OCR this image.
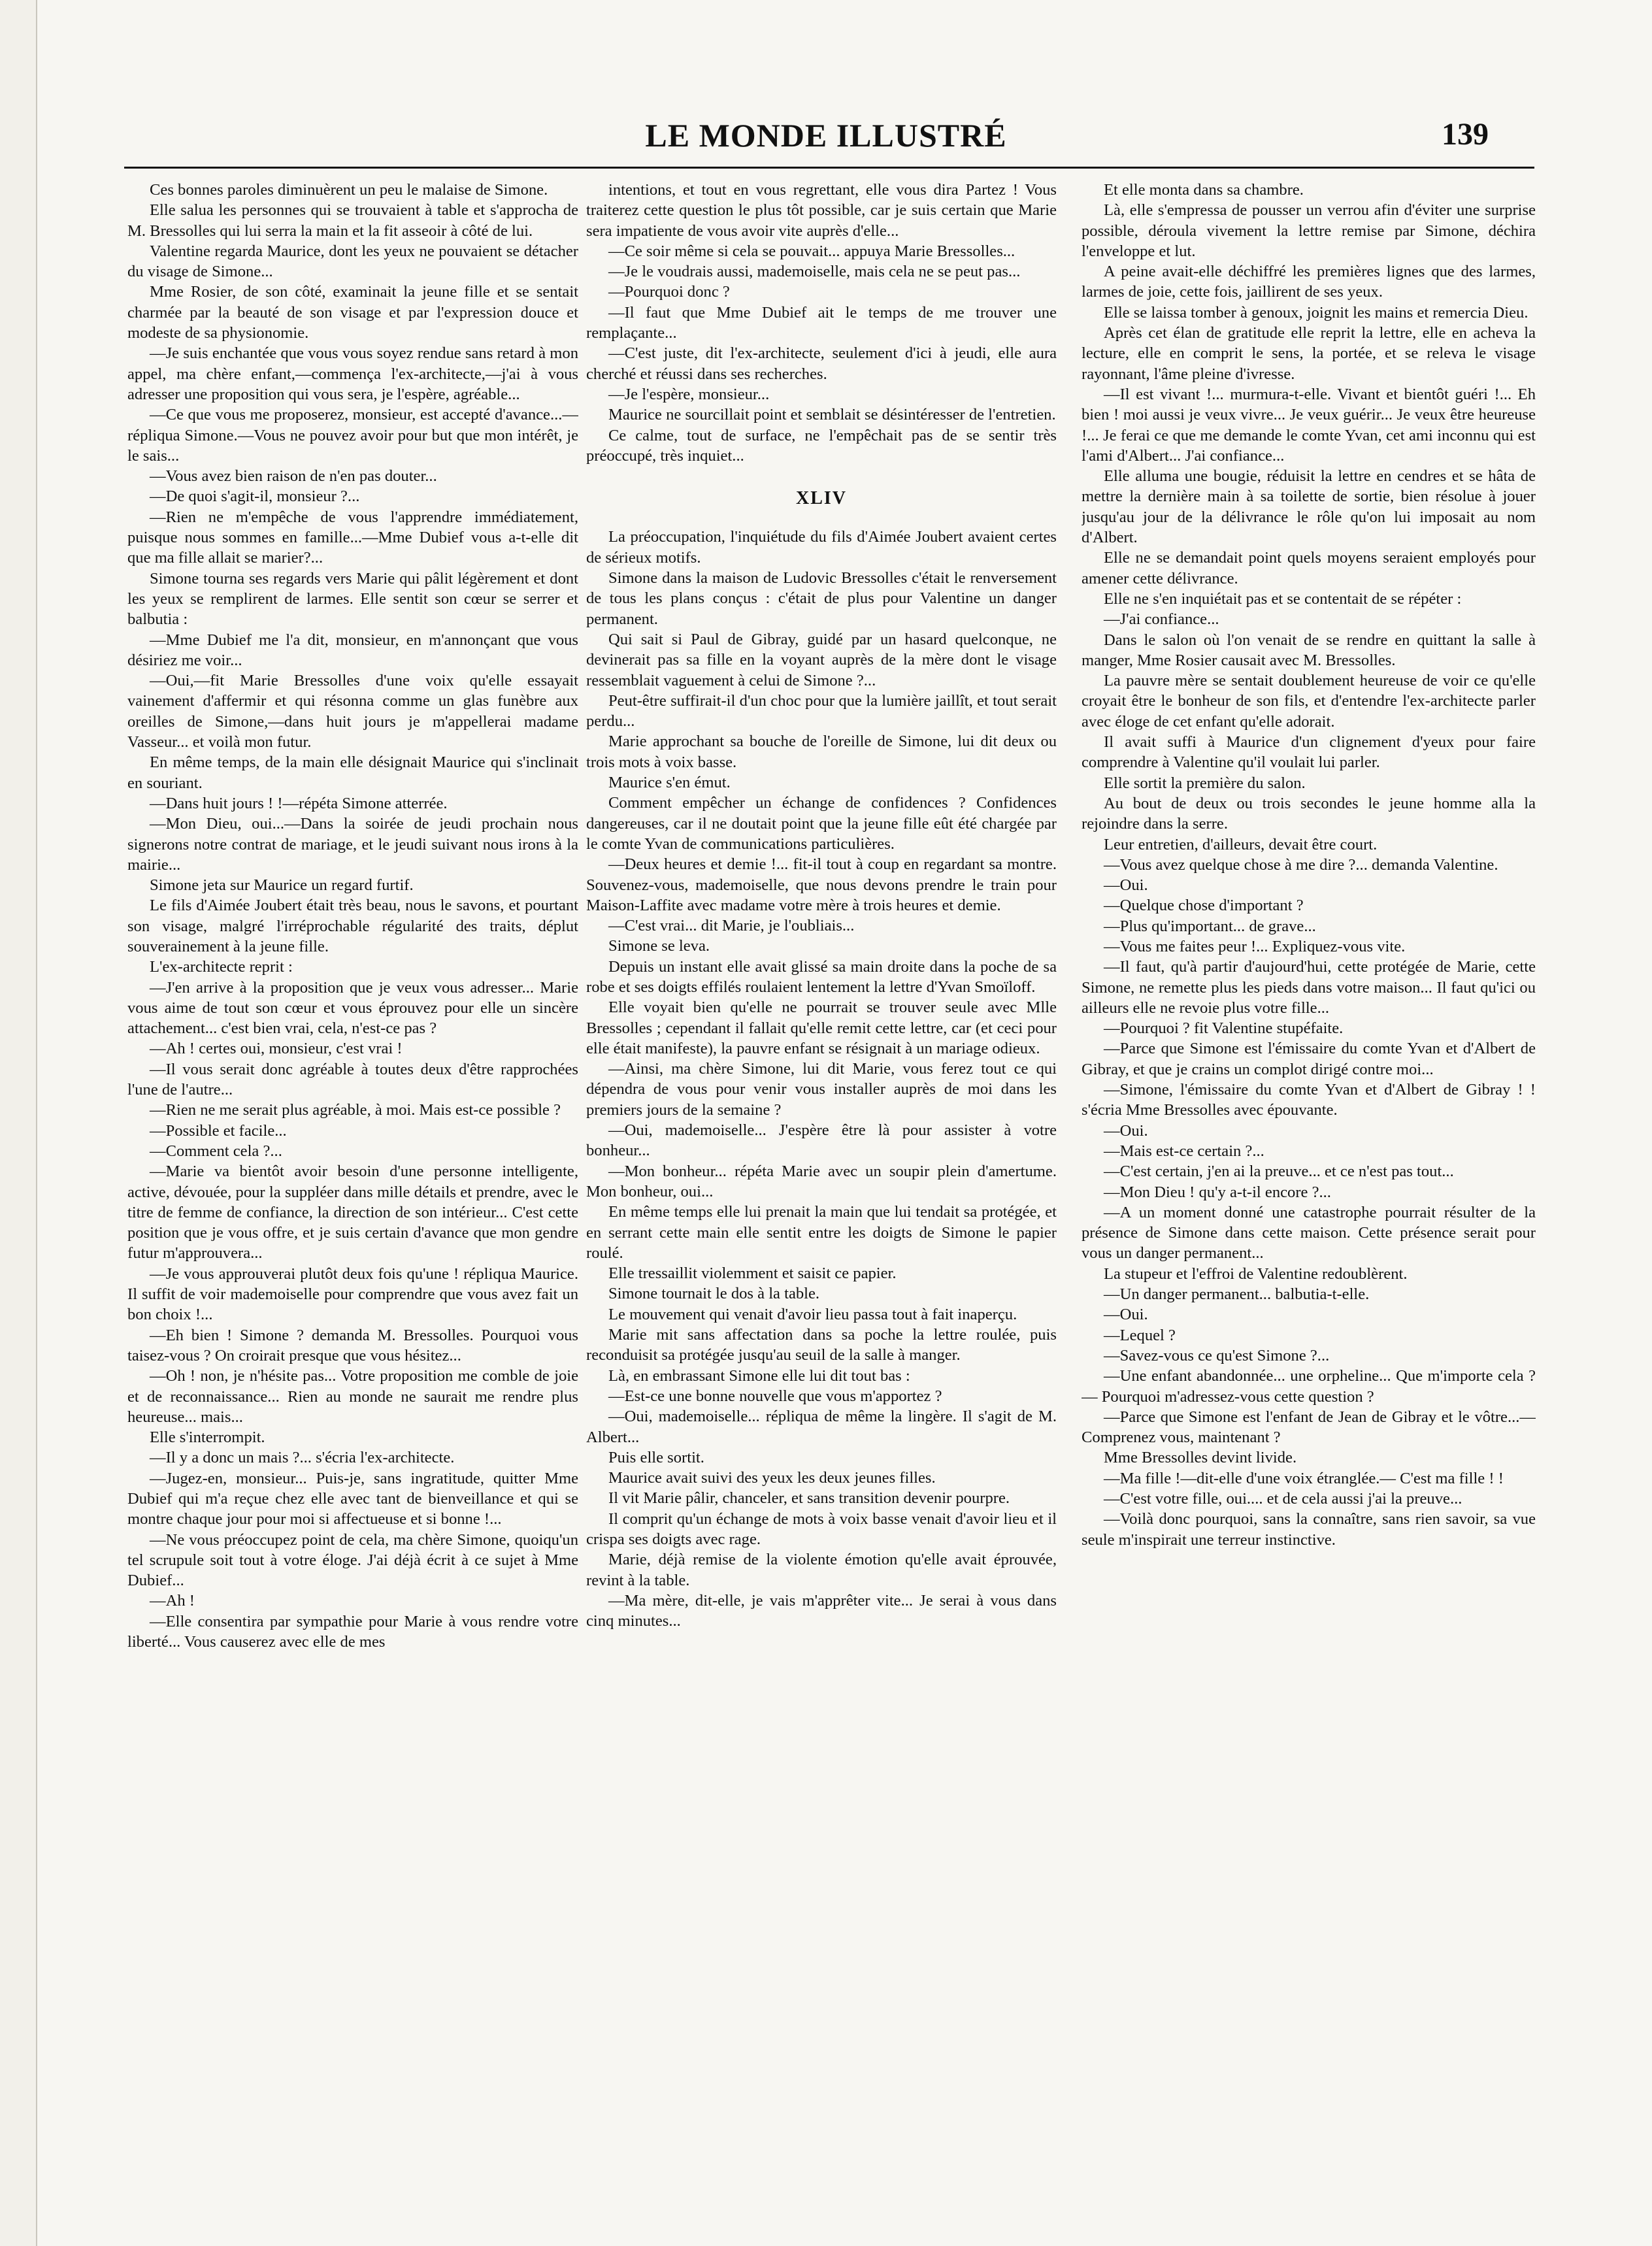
LE MONDE ILLUSTRÉ	139

Ces bonnes paroles diminuèrent un peu le malaise de Simone.

Elle salua les personnes qui se trouvaient à table et s'approcha de M. Bressolles qui lui serra la main et la fit asseoir à côté de lui.

Valentine regarda Maurice, dont les yeux ne pouvaient se détacher du visage de Simone...

Mme Rosier, de son côté, examinait la jeune fille et se sentait charmée par la beauté de son visage et par l'expression douce et modeste de sa physionomie.

—Je suis enchantée que vous vous soyez rendue sans retard à mon appel, ma chère enfant,—commença l'ex-architecte,—j'ai à vous adresser une proposition qui vous sera, je l'espère, agréable...

—Ce que vous me proposerez, monsieur, est accepté d'avance...—répliqua Simone.—Vous ne pouvez avoir pour but que mon intérêt, je le sais...

—Vous avez bien raison de n'en pas douter...

—De quoi s'agit-il, monsieur ?...

—Rien ne m'empêche de vous l'apprendre immédiatement, puisque nous sommes en famille...—Mme Dubief vous a-t-elle dit que ma fille allait se marier?...

Simone tourna ses regards vers Marie qui pâlit légèrement et dont les yeux se remplirent de larmes. Elle sentit son cœur se serrer et balbutia :

—Mme Dubief me l'a dit, monsieur, en m'annonçant que vous désiriez me voir...

—Oui,—fit Marie Bressolles d'une voix qu'elle essayait vainement d'affermir et qui résonna comme un glas funèbre aux oreilles de Simone,—dans huit jours je m'appellerai madame Vasseur... et voilà mon futur.

En même temps, de la main elle désignait Maurice qui s'inclinait en souriant.

—Dans huit jours ! !—répéta Simone atterrée.

—Mon Dieu, oui...—Dans la soirée de jeudi prochain nous signerons notre contrat de mariage, et le jeudi suivant nous irons à la mairie...

Simone jeta sur Maurice un regard furtif.

Le fils d'Aimée Joubert était très beau, nous le savons, et pourtant son visage, malgré l'irréprochable régularité des traits, déplut souverainement à la jeune fille.

L'ex-architecte reprit :

—J'en arrive à la proposition que je veux vous adresser... Marie vous aime de tout son cœur et vous éprouvez pour elle un sincère attachement... c'est bien vrai, cela, n'est-ce pas ?

—Ah ! certes oui, monsieur, c'est vrai !

—Il vous serait donc agréable à toutes deux d'être rapprochées l'une de l'autre...

—Rien ne me serait plus agréable, à moi. Mais est-ce possible ?

—Possible et facile...

—Comment cela ?...

—Marie va bientôt avoir besoin d'une personne intelligente, active, dévouée, pour la suppléer dans mille détails et prendre, avec le titre de femme de confiance, la direction de son intérieur... C'est cette position que je vous offre, et je suis certain d'avance que mon gendre futur m'approuvera...

—Je vous approuverai plutôt deux fois qu'une ! répliqua Maurice. Il suffit de voir mademoiselle pour comprendre que vous avez fait un bon choix !...

—Eh bien ! Simone ? demanda M. Bressolles. Pourquoi vous taisez-vous ? On croirait presque que vous hésitez...

—Oh ! non, je n'hésite pas... Votre proposition me comble de joie et de reconnaissance... Rien au monde ne saurait me rendre plus heureuse... mais...

Elle s'interrompit.

—Il y a donc un mais ?... s'écria l'ex-architecte.

—Jugez-en, monsieur... Puis-je, sans ingratitude, quitter Mme Dubief qui m'a reçue chez elle avec tant de bienveillance et qui se montre chaque jour pour moi si affectueuse et si bonne !...

—Ne vous préoccupez point de cela, ma chère Simone, quoiqu'un tel scrupule soit tout à votre éloge. J'ai déjà écrit à ce sujet à Mme Dubief...

—Ah !

—Elle consentira par sympathie pour Marie à vous rendre votre liberté... Vous causerez avec elle de mes

intentions, et tout en vous regrettant, elle vous dira Partez ! Vous traiterez cette question le plus tôt possible, car je suis certain que Marie sera impatiente de vous avoir vite auprès d'elle...

—Ce soir même si cela se pouvait... appuya Marie Bressolles...

—Je le voudrais aussi, mademoiselle, mais cela ne se peut pas...

—Pourquoi donc ?

—Il faut que Mme Dubief ait le temps de me trouver une remplaçante...

—C'est juste, dit l'ex-architecte, seulement d'ici à jeudi, elle aura cherché et réussi dans ses recherches.

—Je l'espère, monsieur...

Maurice ne sourcillait point et semblait se désintéresser de l'entretien.

Ce calme, tout de surface, ne l'empêchait pas de se sentir très préoccupé, très inquiet...

XLIV

La préoccupation, l'inquiétude du fils d'Aimée Joubert avaient certes de sérieux motifs.

Simone dans la maison de Ludovic Bressolles c'était le renversement de tous les plans conçus : c'était de plus pour Valentine un danger permanent.

Qui sait si Paul de Gibray, guidé par un hasard quelconque, ne devinerait pas sa fille en la voyant auprès de la mère dont le visage ressemblait vaguement à celui de Simone ?...

Peut-être suffirait-il d'un choc pour que la lumière jaillît, et tout serait perdu...

Marie approchant sa bouche de l'oreille de Simone, lui dit deux ou trois mots à voix basse.

Maurice s'en émut.

Comment empêcher un échange de confidences ? Confidences dangereuses, car il ne doutait point que la jeune fille eût été chargée par le comte Yvan de communications particulières.

—Deux heures et demie !... fit-il tout à coup en regardant sa montre. Souvenez-vous, mademoiselle, que nous devons prendre le train pour Maison-Laffite avec madame votre mère à trois heures et demie.

—C'est vrai... dit Marie, je l'oubliais...

Simone se leva.

Depuis un instant elle avait glissé sa main droite dans la poche de sa robe et ses doigts effilés roulaient lentement la lettre d'Yvan Smoïloff.

Elle voyait bien qu'elle ne pourrait se trouver seule avec Mlle Bressolles ; cependant il fallait qu'elle remit cette lettre, car (et ceci pour elle était manifeste), la pauvre enfant se résignait à un mariage odieux.

—Ainsi, ma chère Simone, lui dit Marie, vous ferez tout ce qui dépendra de vous pour venir vous installer auprès de moi dans les premiers jours de la semaine ?

—Oui, mademoiselle... J'espère être là pour assister à votre bonheur...

—Mon bonheur... répéta Marie avec un soupir plein d'amertume. Mon bonheur, oui...

En même temps elle lui prenait la main que lui tendait sa protégée, et en serrant cette main elle sentit entre les doigts de Simone le papier roulé.

Elle tressaillit violemment et saisit ce papier.

Simone tournait le dos à la table.

Le mouvement qui venait d'avoir lieu passa tout à fait inaperçu.

Marie mit sans affectation dans sa poche la lettre roulée, puis reconduisit sa protégée jusqu'au seuil de la salle à manger.

Là, en embrassant Simone elle lui dit tout bas :

—Est-ce une bonne nouvelle que vous m'apportez ?

—Oui, mademoiselle... répliqua de même la lingère. Il s'agit de M. Albert...

Puis elle sortit.

Maurice avait suivi des yeux les deux jeunes filles.

Il vit Marie pâlir, chanceler, et sans transition devenir pourpre.

Il comprit qu'un échange de mots à voix basse venait d'avoir lieu et il crispa ses doigts avec rage.

Marie, déjà remise de la violente émotion qu'elle avait éprouvée, revint à la table.

—Ma mère, dit-elle, je vais m'apprêter vite... Je serai à vous dans cinq minutes...

Et elle monta dans sa chambre.

Là, elle s'empressa de pousser un verrou afin d'éviter une surprise possible, déroula vivement la lettre remise par Simone, déchira l'enveloppe et lut.

A peine avait-elle déchiffré les premières lignes que des larmes, larmes de joie, cette fois, jaillirent de ses yeux.

Elle se laissa tomber à genoux, joignit les mains et remercia Dieu.

Après cet élan de gratitude elle reprit la lettre, elle en acheva la lecture, elle en comprit le sens, la portée, et se releva le visage rayonnant, l'âme pleine d'ivresse.

—Il est vivant !... murmura-t-elle. Vivant et bientôt guéri !... Eh bien ! moi aussi je veux vivre... Je veux guérir... Je veux être heureuse !... Je ferai ce que me demande le comte Yvan, cet ami inconnu qui est l'ami d'Albert... J'ai confiance...

Elle alluma une bougie, réduisit la lettre en cendres et se hâta de mettre la dernière main à sa toilette de sortie, bien résolue à jouer jusqu'au jour de la délivrance le rôle qu'on lui imposait au nom d'Albert.

Elle ne se demandait point quels moyens seraient employés pour amener cette délivrance.

Elle ne s'en inquiétait pas et se contentait de se répéter :

—J'ai confiance...

Dans le salon où l'on venait de se rendre en quittant la salle à manger, Mme Rosier causait avec M. Bressolles.

La pauvre mère se sentait doublement heureuse de voir ce qu'elle croyait être le bonheur de son fils, et d'entendre l'ex-architecte parler avec éloge de cet enfant qu'elle adorait.

Il avait suffi à Maurice d'un clignement d'yeux pour faire comprendre à Valentine qu'il voulait lui parler.

Elle sortit la première du salon.

Au bout de deux ou trois secondes le jeune homme alla la rejoindre dans la serre.

Leur entretien, d'ailleurs, devait être court.

—Vous avez quelque chose à me dire ?... demanda Valentine.

—Oui.

—Quelque chose d'important ?

—Plus qu'important... de grave...

—Vous me faites peur !... Expliquez-vous vite.

—Il faut, qu'à partir d'aujourd'hui, cette protégée de Marie, cette Simone, ne remette plus les pieds dans votre maison... Il faut qu'ici ou ailleurs elle ne revoie plus votre fille...

—Pourquoi ? fit Valentine stupéfaite.

—Parce que Simone est l'émissaire du comte Yvan et d'Albert de Gibray, et que je crains un complot dirigé contre moi...

—Simone, l'émissaire du comte Yvan et d'Albert de Gibray ! ! s'écria Mme Bressolles avec épouvante.

—Oui.

—Mais est-ce certain ?...

—C'est certain, j'en ai la preuve... et ce n'est pas tout...

—Mon Dieu ! qu'y a-t-il encore ?...

—A un moment donné une catastrophe pourrait résulter de la présence de Simone dans cette maison. Cette présence serait pour vous un danger permanent...

La stupeur et l'effroi de Valentine redoublèrent.

—Un danger permanent... balbutia-t-elle.

—Oui.

—Lequel ?

—Savez-vous ce qu'est Simone ?...

—Une enfant abandonnée... une orpheline... Que m'importe cela ?— Pourquoi m'adressez-vous cette question ?

—Parce que Simone est l'enfant de Jean de Gibray et le vôtre...—Comprenez vous, maintenant ?

Mme Bressolles devint livide.

—Ma fille !—dit-elle d'une voix étranglée.— C'est ma fille ! !

—C'est votre fille, oui.... et de cela aussi j'ai la preuve...

—Voilà donc pourquoi, sans la connaître, sans rien savoir, sa vue seule m'inspirait une terreur instinctive.
